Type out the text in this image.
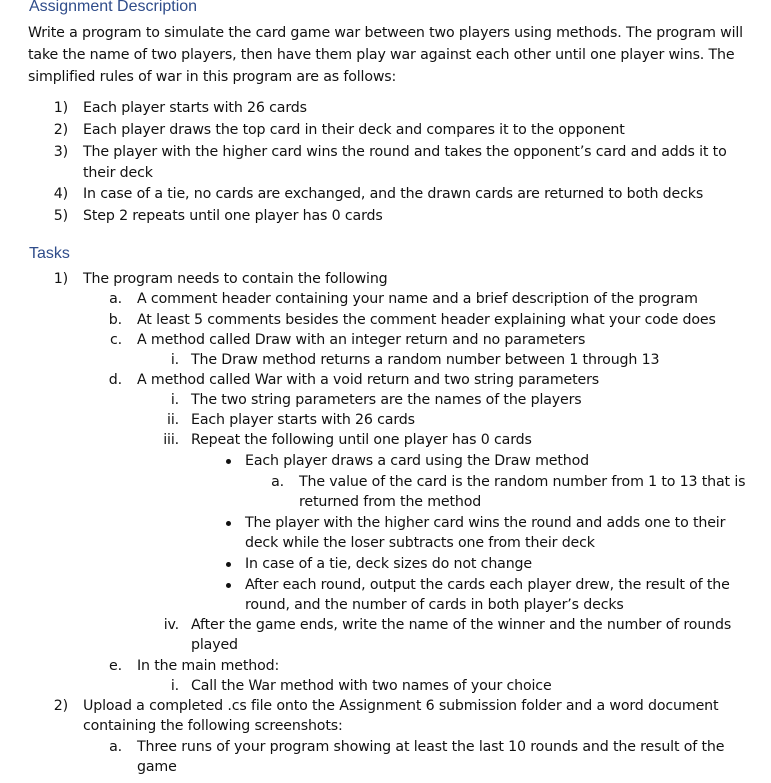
Assignment Description
Write a program to simulate the card game war between two players using methods. The program will take the name of two players, then have them play war against each other until one player wins. The simplified rules of war in this program are as follows:
1) Each player starts with 26 cards
2) Each player draws the top card in their deck and compares it to the opponent
3) The player with the higher card wins the round and takes the opponent’s card and adds it to
their deck
4) In case of a tie, no cards are exchanged, and the drawn cards are returned to both decks
5) Step 2 repeats until one player has 0 cards
Tasks
1) The program needs to contain the following
a. A comment header containing your name and a brief description of the program
b. At least 5 comments besides the comment header explaining what your code does
c. A method called Draw with an integer return and no parameters
i. The Draw method returns a random number between 1 through 13
d. A method called War with a void return and two string parameters
i. The two string parameters are the names of the players
ii. Each player starts with 26 cards
iii. Repeat the following until one player has 0 cards
Each player draws a card using the Draw method
a. The value of the card is the random number from 1 to 13 that is
returned from the method
The player with the higher card wins the round and adds one to their
deck while the loser subtracts one from their deck
In case of a tie, deck sizes do not change
After each round, output the cards each player drew, the result of the
round, and the number of cards in both player’s decks
iv. After the game ends, write the name of the winner and the number of rounds
played
e. In the main method:
i. Call the War method with two names of your choice
2) Upload a completed .cs file onto the Assignment 6 submission folder and a word document
containing the following screenshots:
a. Three runs of your program showing at least the last 10 rounds and the result of the
game
